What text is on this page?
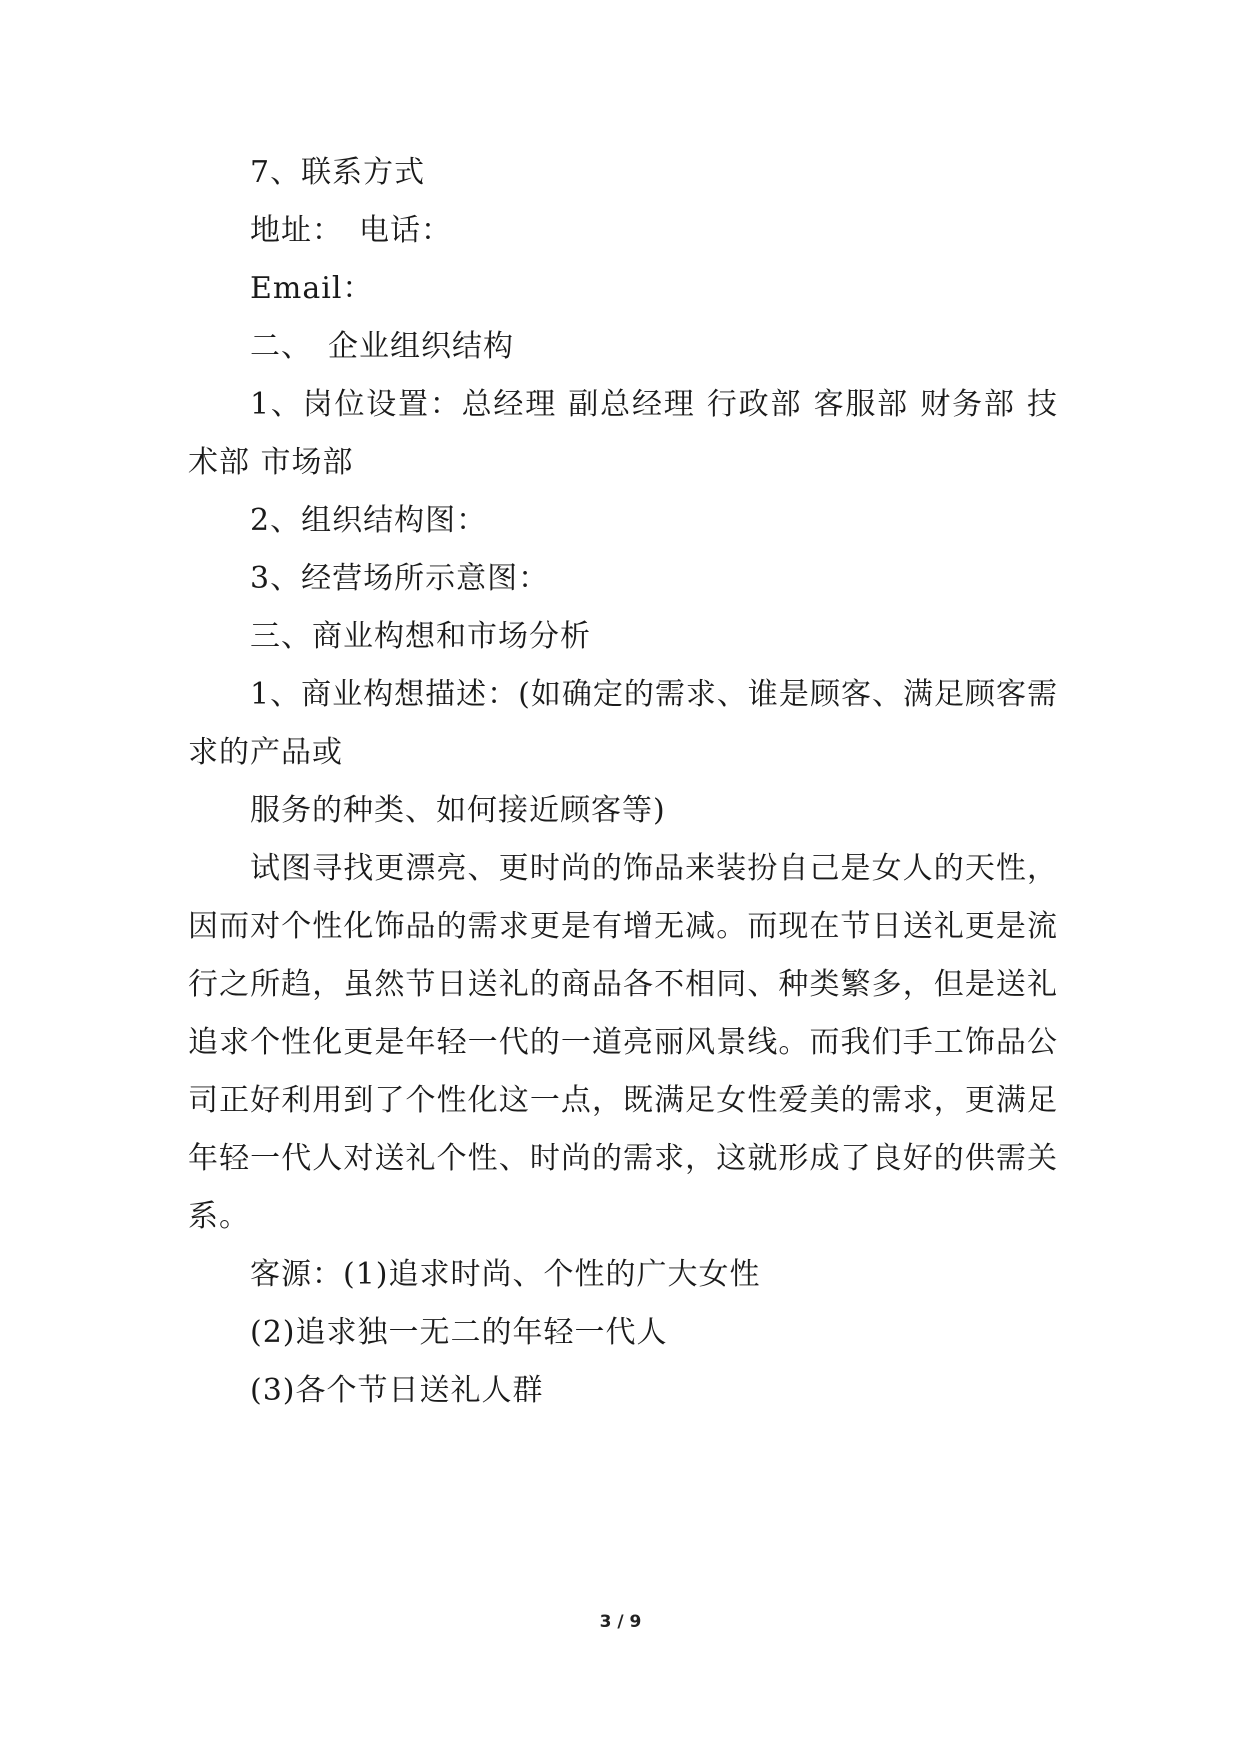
7、联系方式
地址：　电话：
Email：
二、　企业组织结构
1、岗位设置：总经理 副总经理 行政部 客服部 财务部 技
术部 市场部
2、组织结构图：
3、经营场所示意图：
三、商业构想和市场分析
1、商业构想描述：(如确定的需求、谁是顾客、满足顾客需
求的产品或
服务的种类、如何接近顾客等)
试图寻找更漂亮、更时尚的饰品来装扮自己是女人的天性，
因而对个性化饰品的需求更是有增无减。而现在节日送礼更是流
行之所趋，虽然节日送礼的商品各不相同、种类繁多，但是送礼
追求个性化更是年轻一代的一道亮丽风景线。而我们手工饰品公
司正好利用到了个性化这一点，既满足女性爱美的需求，更满足
年轻一代人对送礼个性、时尚的需求，这就形成了良好的供需关
系。
客源：(1)追求时尚、个性的广大女性
(2)追求独一无二的年轻一代人
(3)各个节日送礼人群
3 / 9
